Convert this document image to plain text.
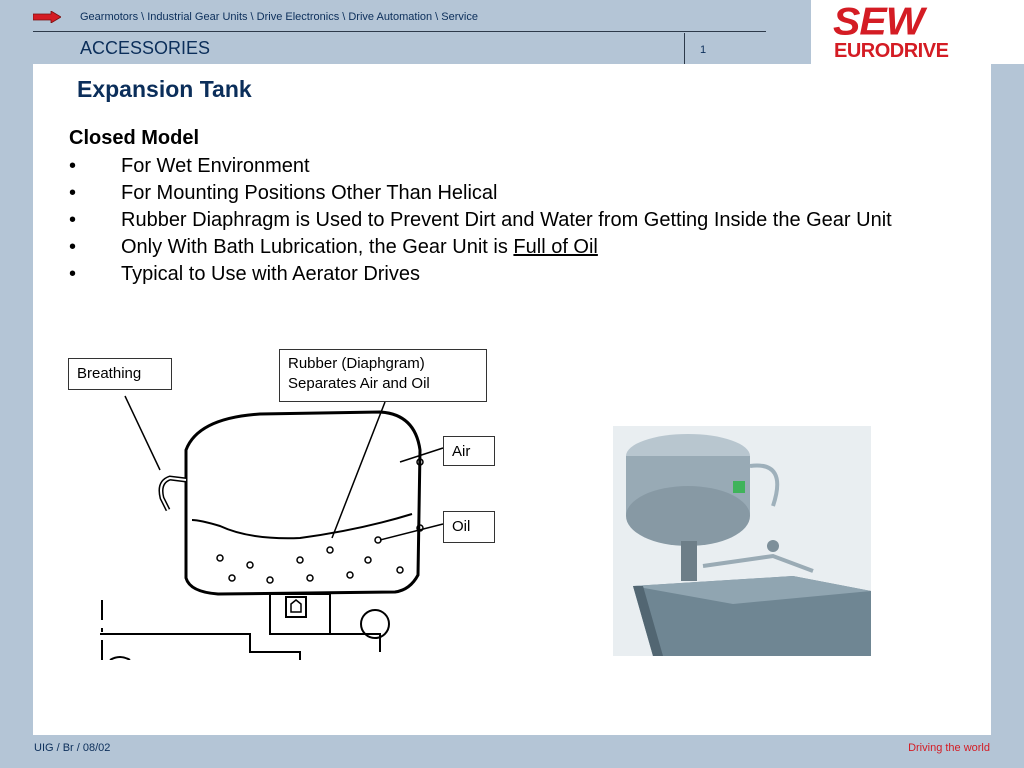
Gearmotors \ Industrial Gear Units \ Drive Electronics \ Drive Automation \ Service
ACCESSORIES	1
SEW
EURODRIVE
Expansion Tank
Closed Model
• For Wet Environment
• For Mounting Positions Other Than Helical
• Rubber Diaphragm is Used to Prevent Dirt and Water from Getting Inside the Gear Unit
• Only With Bath Lubrication, the Gear Unit is Full of Oil
• Typical to Use with Aerator Drives
Breathing
Rubber (Diaphgram)
Separates Air and Oil
Air
Oil
UIG / Br / 08/02	Driving the world
